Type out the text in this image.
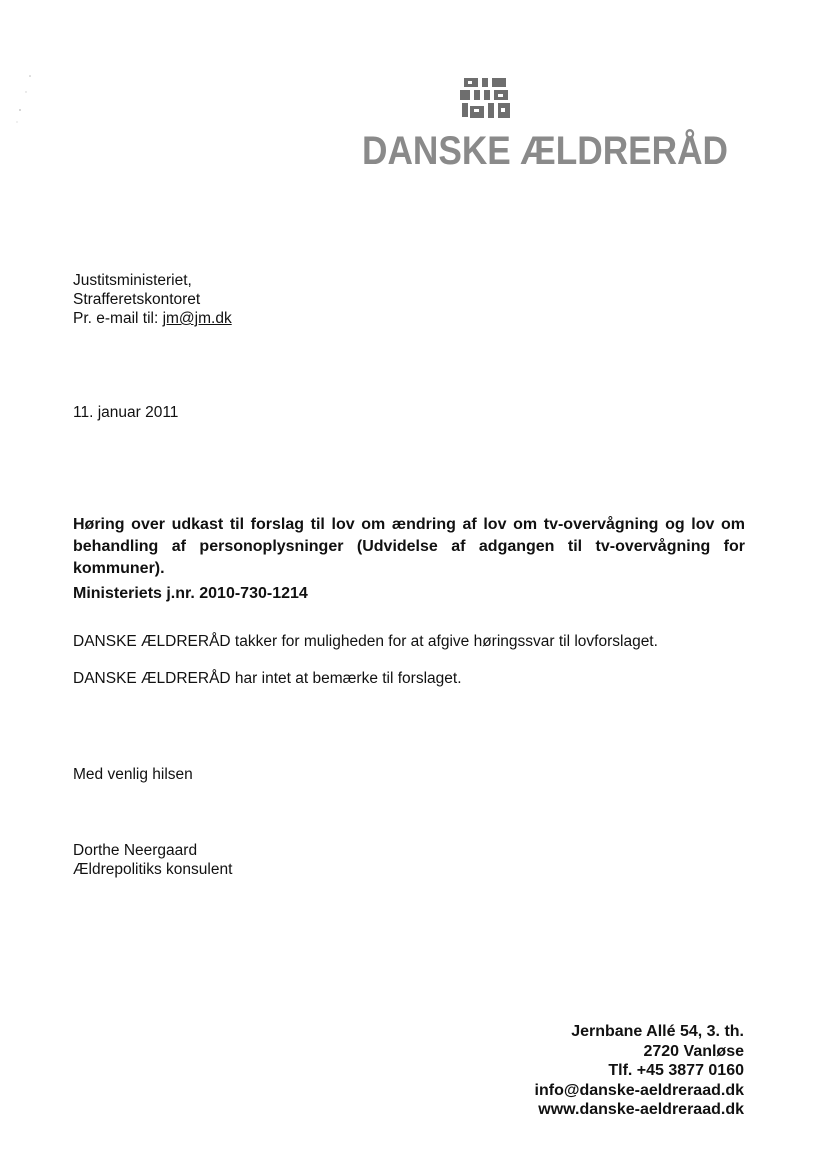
DANSKE ÆLDRERÅD
Justitsministeriet,
Strafferetskontoret
Pr. e-mail til: jm@jm.dk
11. januar 2011
Høring over udkast til forslag til lov om ændring af lov om tv-overvågning og lov om behandling af personoplysninger (Udvidelse af adgangen til tv-overvågning for kommuner).
Ministeriets j.nr. 2010-730-1214
DANSKE ÆLDRERÅD takker for muligheden for at afgive høringssvar til lovforslaget.
DANSKE ÆLDRERÅD har intet at bemærke til forslaget.
Med venlig hilsen
Dorthe Neergaard
Ældrepolitiks konsulent
Jernbane Allé 54, 3. th.
2720 Vanløse
Tlf. +45 3877 0160
info@danske-aeldreraad.dk
www.danske-aeldreraad.dk
